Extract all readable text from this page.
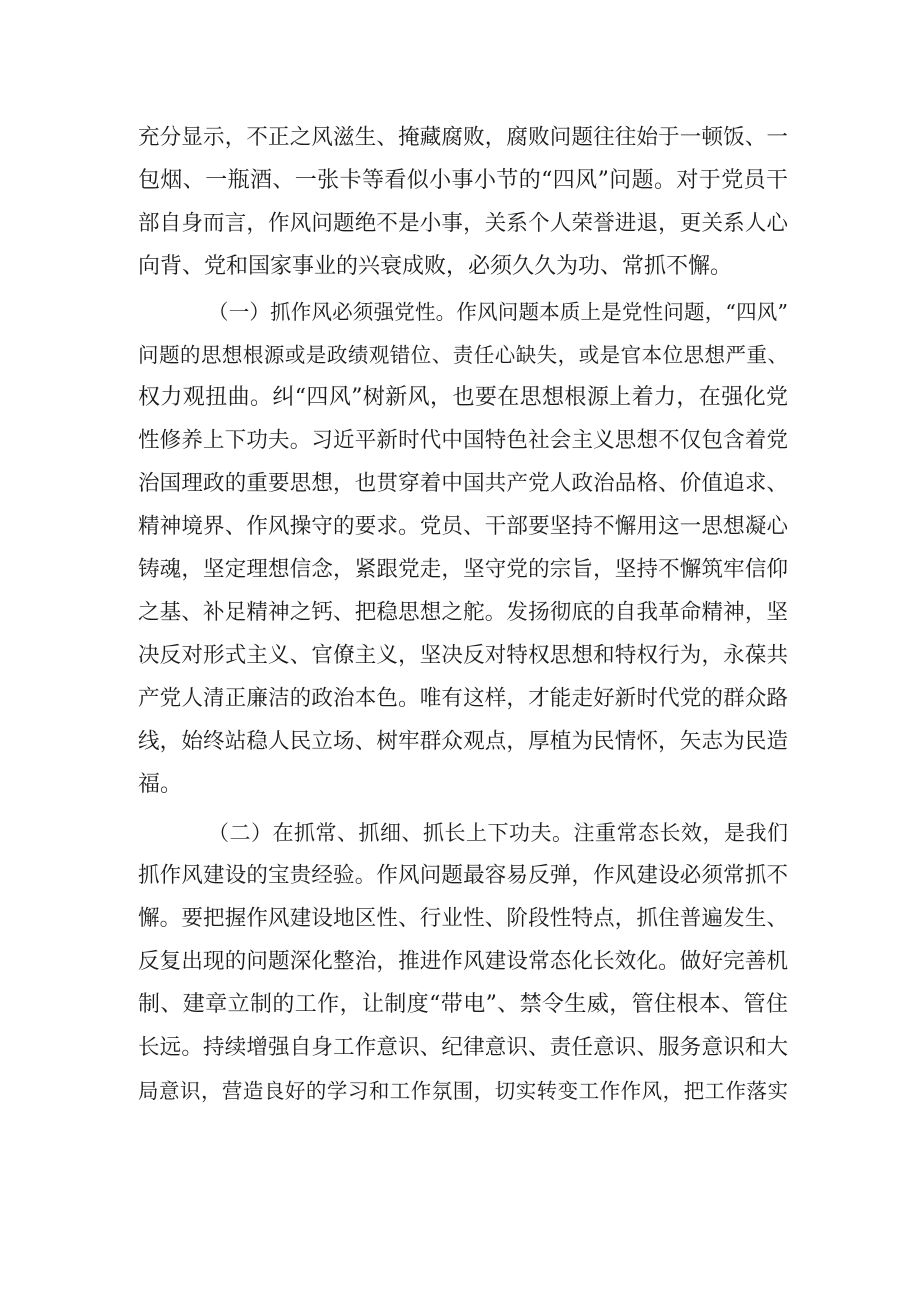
充分显示，不正之风滋生、掩藏腐败，腐败问题往往始于一顿饭、一
包烟、一瓶酒、一张卡等看似小事小节的“四风”问题。对于党员干
部自身而言，作风问题绝不是小事，关系个人荣誉进退，更关系人心
向背、党和国家事业的兴衰成败，必须久久为功、常抓不懈。
（一）抓作风必须强党性。作风问题本质上是党性问题，“四风”
问题的思想根源或是政绩观错位、责任心缺失，或是官本位思想严重、
权力观扭曲。纠“四风”树新风，也要在思想根源上着力，在强化党
性修养上下功夫。习近平新时代中国特色社会主义思想不仅包含着党
治国理政的重要思想，也贯穿着中国共产党人政治品格、价值追求、
精神境界、作风操守的要求。党员、干部要坚持不懈用这一思想凝心
铸魂，坚定理想信念，紧跟党走，坚守党的宗旨，坚持不懈筑牢信仰
之基、补足精神之钙、把稳思想之舵。发扬彻底的自我革命精神，坚
决反对形式主义、官僚主义，坚决反对特权思想和特权行为，永葆共
产党人清正廉洁的政治本色。唯有这样，才能走好新时代党的群众路
线，始终站稳人民立场、树牢群众观点，厚植为民情怀，矢志为民造
福。
（二）在抓常、抓细、抓长上下功夫。注重常态长效，是我们
抓作风建设的宝贵经验。作风问题最容易反弹，作风建设必须常抓不
懈。要把握作风建设地区性、行业性、阶段性特点，抓住普遍发生、
反复出现的问题深化整治，推进作风建设常态化长效化。做好完善机
制、建章立制的工作，让制度“带电”、禁令生威，管住根本、管住
长远。持续增强自身工作意识、纪律意识、责任意识、服务意识和大
局意识，营造良好的学习和工作氛围，切实转变工作作风，把工作落实
